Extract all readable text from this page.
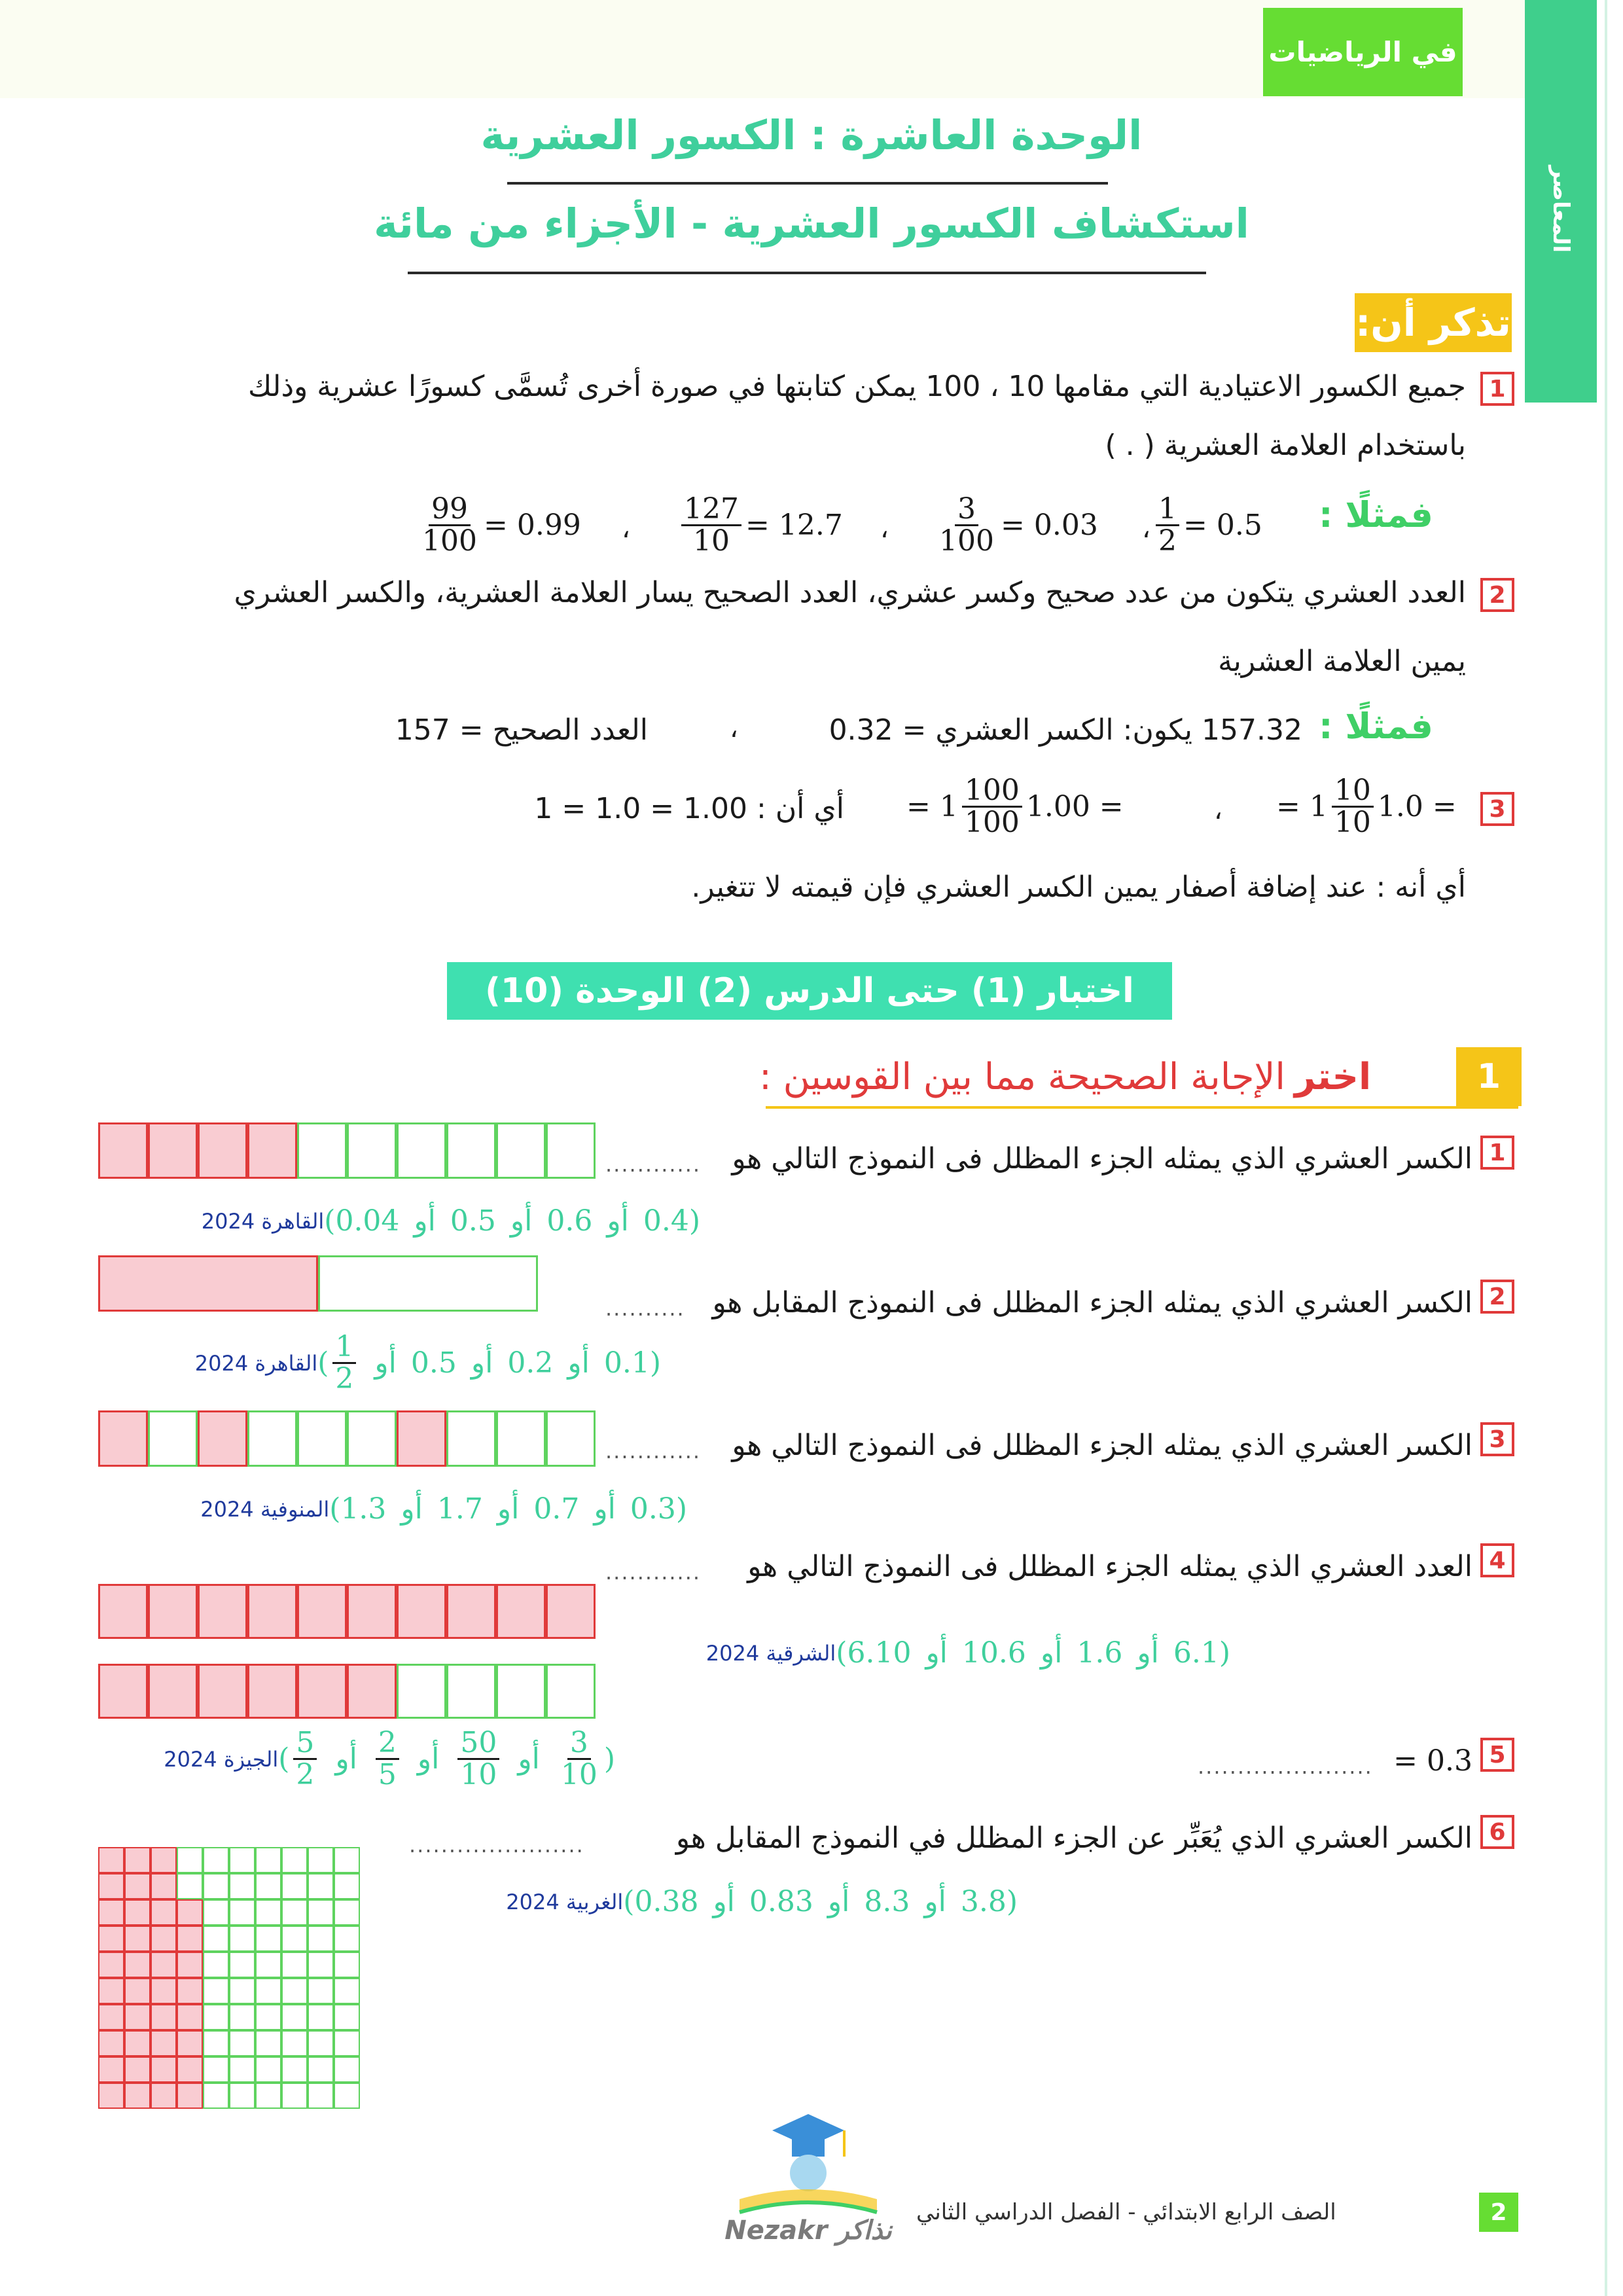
في الرياضيات
المعاصر
الوحدة العاشرة : الكسور العشرية
استكشاف الكسور العشرية - الأجزاء من مائة
تذكر أن:
1
جميع الكسور الاعتيادية التي مقامها 10 ، 100 يمكن كتابتها في صورة أخرى تُسمَّى كسورًا عشرية وذلك
باستخدام العلامة العشرية ( . )
فمثلًا :
$\frac{1}{2} = 0.5$
،
$\frac{3}{100} = 0.03$
،
$\frac{127}{10} = 12.7$
،
$\frac{99}{100} = 0.99$
2
العدد العشري يتكون من عدد صحيح وكسر عشري، العدد الصحيح يسار العلامة العشرية، والكسر العشري
يمين العلامة العشرية
فمثلًا :
157.32 يكون: الكسر العشري = 0.32
،
العدد الصحيح = 157
3
= $1 \frac{10}{10} 1.0$ =
،
= $1 \frac{100}{100} 1.00$ =
أي أن : 1.00 = 1.0 = 1
أي أنه : عند إضافة أصفار يمين الكسر العشري فإن قيمته لا تتغير.
اختبار (1) حتى الدرس (2) الوحدة (10)
1
اختر
الإجابة الصحيحة مما بين القوسين :
1
الكسر العشري الذي يمثله الجزء المظلل فى النموذج التالي هو
............
(
0.4
أو
0.6
أو
0.5
أو
0.04
)
القاهرة 2024
2
الكسر العشري الذي يمثله الجزء المظلل فى النموذج المقابل هو
..........
(
0.1
أو
0.2
أو
0.5
أو
$\frac{1}{2}$
)
القاهرة 2024
3
الكسر العشري الذي يمثله الجزء المظلل فى النموذج التالي هو
............
(
0.3
أو
0.7
أو
1.7
أو
1.3
)
المنوفية 2024
4
العدد العشري الذي يمثله الجزء المظلل فى النموذج التالي هو
............
(
6.1
أو
1.6
أو
10.6
أو
6.10
)
الشرقية 2024
5
= 0.3
......................
(
$\frac{3}{10}$
أو
$\frac{50}{10}$
أو
$\frac{2}{5}$
أو
$\frac{5}{2}$
)
الجيزة 2024
6
الكسر العشري الذي يُعَبِّر عن الجزء المظلل في النموذج المقابل هو
......................
(
3.8
أو
8.3
أو
0.83
أو
0.38
)
الغربية 2024
Nezakr نذاكر
2
الصف الرابع الابتدائي - الفصل الدراسي الثاني
